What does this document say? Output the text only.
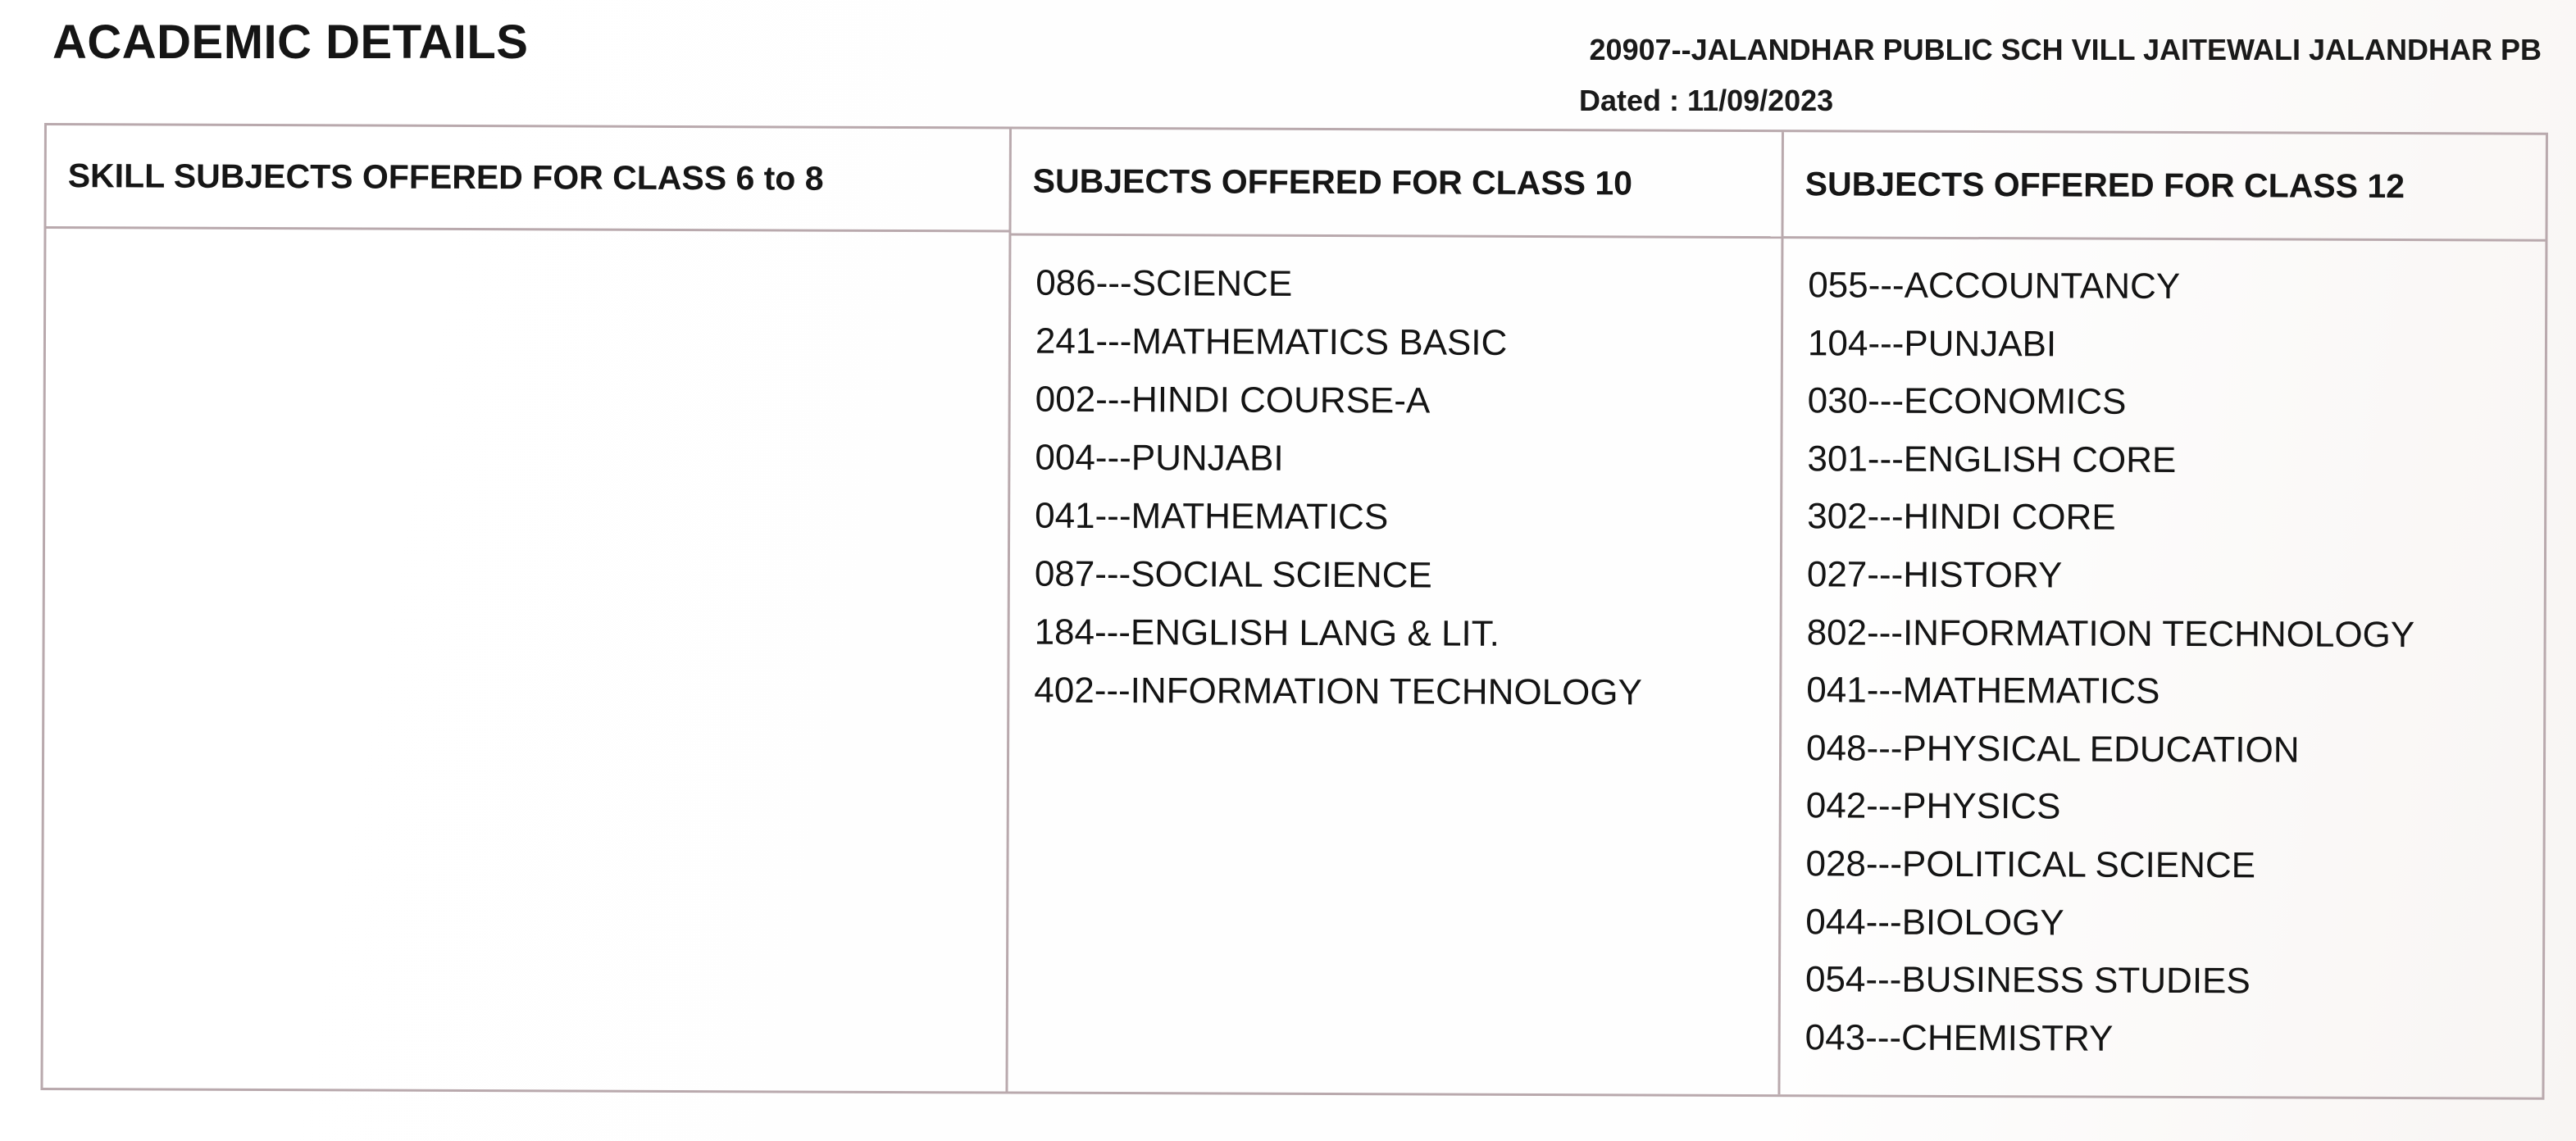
ACADEMIC DETAILS	20907--JALANDHAR PUBLIC SCH VILL JAITEWALI JALANDHAR PB
Dated : 11/09/2023
SKILL SUBJECTS OFFERED FOR CLASS 6 to 8	SUBJECTS OFFERED FOR CLASS 10
086---SCIENCE
241---MATHEMATICS BASIC
002---HINDI COURSE-A
004---PUNJABI
041---MATHEMATICS
087---SOCIAL SCIENCE
184---ENGLISH LANG & LIT.
402---INFORMATION TECHNOLOGY
SUBJECTS OFFERED FOR CLASS 12
055---ACCOUNTANCY
104---PUNJABI
030---ECONOMICS
301---ENGLISH CORE
302---HINDI CORE
027---HISTORY
802---INFORMATION TECHNOLOGY
041---MATHEMATICS
048---PHYSICAL EDUCATION
042---PHYSICS
028---POLITICAL SCIENCE
044---BIOLOGY
054---BUSINESS STUDIES
043---CHEMISTRY
